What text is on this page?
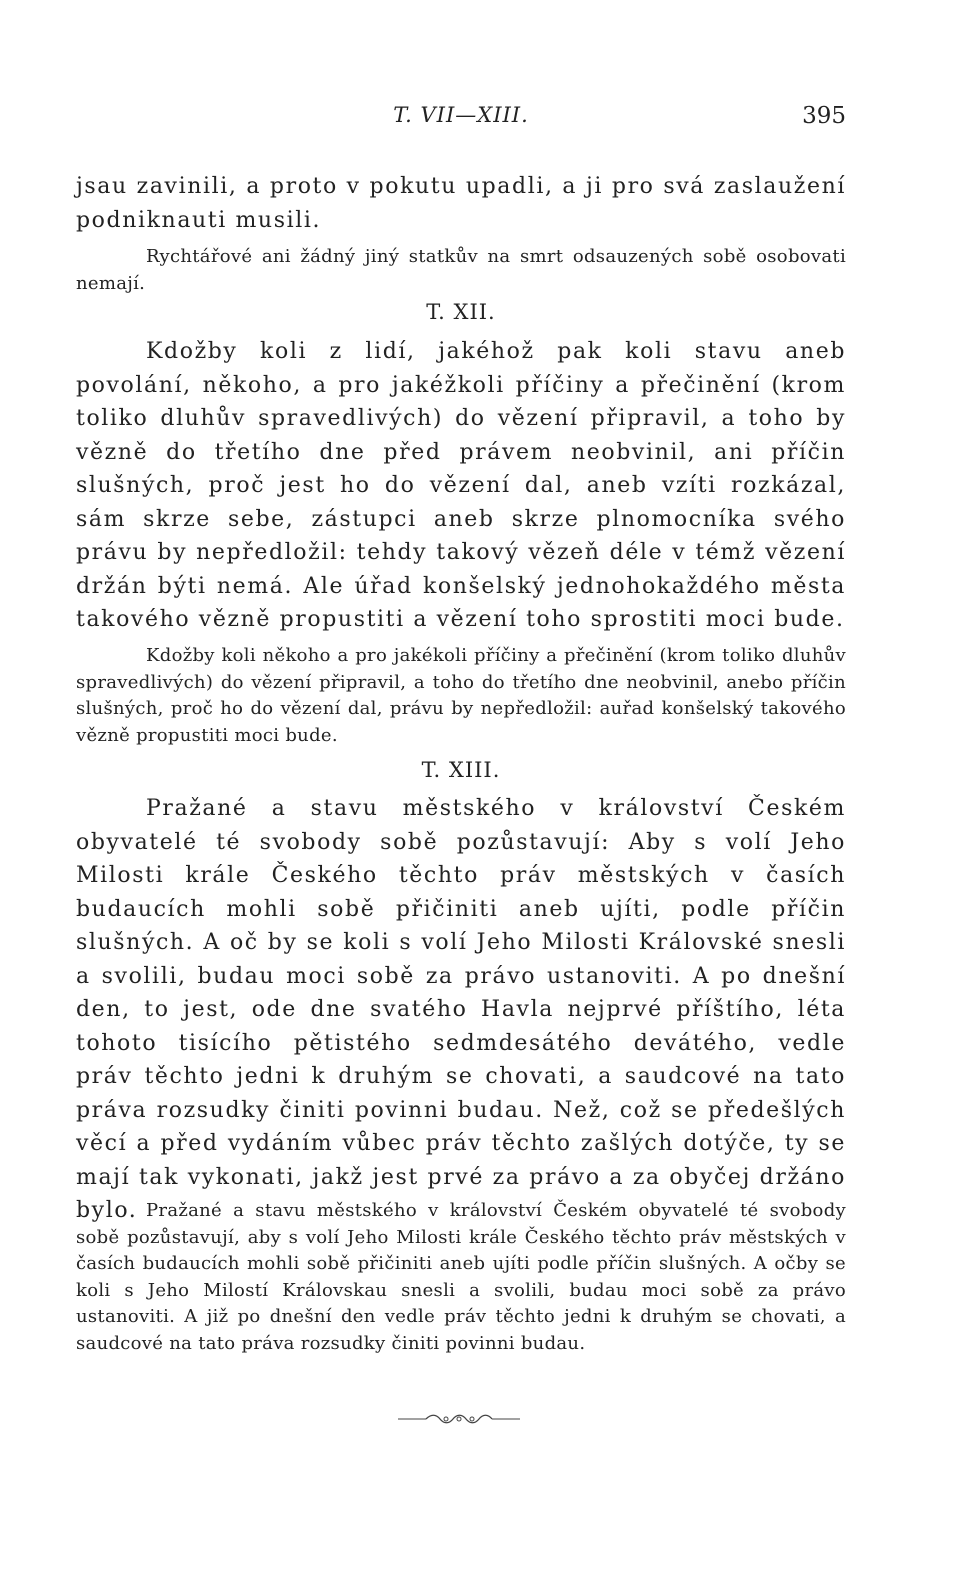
T. VII—XIII.	395

jsau zavinili, a proto v pokutu upadli, a ji pro svá zaslaužení podniknauti musili.

Rychtářové ani žádný jiný statkův na smrt odsauzených sobě osobovati nemají.

T. XII.

Kdožby koli z lidí, jakéhož pak koli stavu aneb povolání, někoho, a pro jakéžkoli příčiny a přečinění (krom toliko dluhův spravedlivých) do vězení připravil, a toho by vězně do třetího dne před právem neobvinil, ani příčin slušných, proč jest ho do vězení dal, aneb vzíti rozkázal, sám skrze sebe, zástupci aneb skrze plnomocníka svého právu by nepředložil: tehdy takový vězeň déle v témž vězení držán býti nemá. Ale úřad konšelský jednohokaždého města takového vězně propustiti a vězení toho sprostiti moci bude.

Kdožby koli někoho a pro jakékoli příčiny a přečinění (krom toliko dluhův spravedlivých) do vězení připravil, a toho do třetího dne neobvinil, anebo příčin slušných, proč ho do vězení dal, právu by nepředložil: auřad konšelský takového vězně propustiti moci bude.

T. XIII.

Pražané a stavu městského v království Českém obyvatelé té svobody sobě pozůstavují: Aby s volí Jeho Milosti krále Českého těchto práv městských v časích budaucích mohli sobě přičiniti aneb ujíti, podle příčin slušných. A oč by se koli s volí Jeho Milosti Královské snesli a svolili, budau moci sobě za právo ustanoviti. A po dnešní den, to jest, ode dne svatého Havla nejprvé příštího, léta tohoto tisícího pětistého sedmdesátého devátého, vedle práv těchto jedni k druhým se chovati, a saudcové na tato práva rozsudky činiti povinni budau. Než, což se předešlých věcí a před vydáním vůbec práv těchto zašlých dotýče, ty se mají tak vykonati, jakž jest prvé za právo a za obyčej držáno bylo. Pražané a stavu městského v království Českém obyvatelé té svobody sobě pozůstavují, aby s volí Jeho Milosti krále Českého těchto práv městských v časích budaucích mohli sobě přičiniti aneb ujíti podle příčin slušných. A očby se koli s Jeho Milostí Královskau snesli a svolili, budau moci sobě za právo ustanoviti. A již po dnešní den vedle práv těchto jedni k druhým se chovati, a saudcové na tato práva rozsudky činiti povinni budau.
